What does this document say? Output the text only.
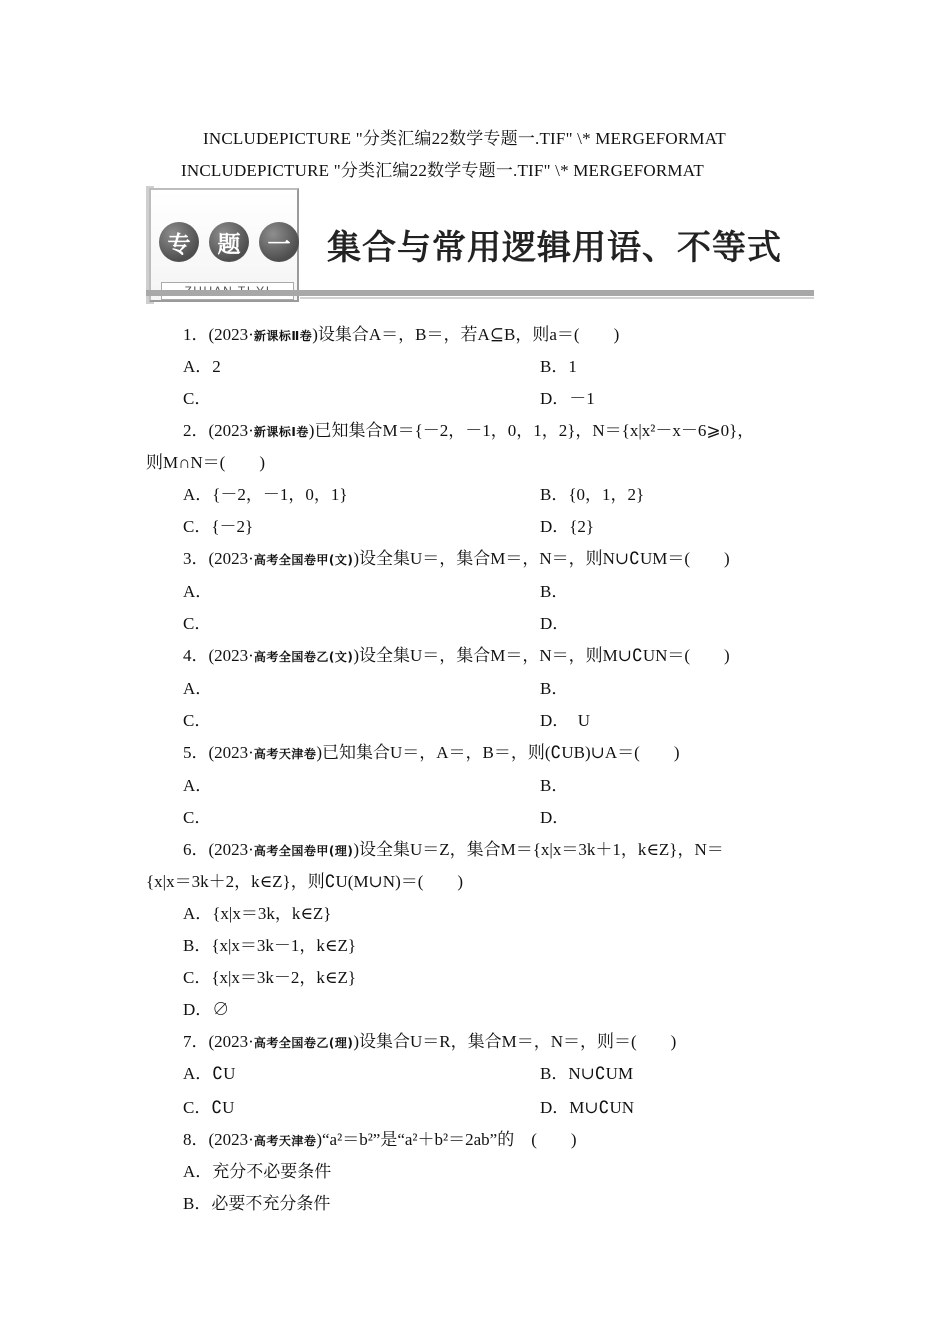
INCLUDEPICTURE "分类汇编22数学专题一.TIF" \* MERGEFORMAT
INCLUDEPICTURE "分类汇编22数学专题一.TIF" \* MERGEFORMAT
专	题	一 集合与常用逻辑用语、不等式
1．(2023·新课标Ⅱ卷)设集合A＝，B＝，若A⊆B，则a＝(　　)
A．2	B．1
C．	D．－1
2．(2023·新课标Ⅰ卷)已知集合M＝{－2，－1，0，1，2}，N＝{x|x²－x－6⩾0}，
则M∩N＝(　　)
A．{－2，－1，0，1}	B．{0，1，2}
C．{－2}	D．{2}
3．(2023·高考全国卷甲(文))设全集U＝，集合M＝，N＝，则N∪∁UM＝(　　)
A．	B．
C．	D．
4．(2023·高考全国卷乙(文))设全集U＝，集合M＝，N＝，则M∪∁UN＝(　　)
A．	B．
C．	D．　U
5．(2023·高考天津卷)已知集合U＝，A＝，B＝，则(∁UB)∪A＝(　　)
A．	B．
C．	D．
6．(2023·高考全国卷甲(理))设全集U＝Z，集合M＝{x|x＝3k＋1，k∈Z}，N＝
{x|x＝3k＋2，k∈Z}，则∁U(M∪N)＝(　　)
A．{x|x＝3k，k∈Z}
B．{x|x＝3k－1，k∈Z}
C．{x|x＝3k－2，k∈Z}
D．∅
7．(2023·高考全国卷乙(理))设集合U＝R，集合M＝，N＝，则＝(　　)
A．∁U	B．N∪∁UM
C．∁U	D．M∪∁UN
8．(2023·高考天津卷)“a²＝b²”是“a²＋b²＝2ab”的　(　　)
A．充分不必要条件
B．必要不充分条件
